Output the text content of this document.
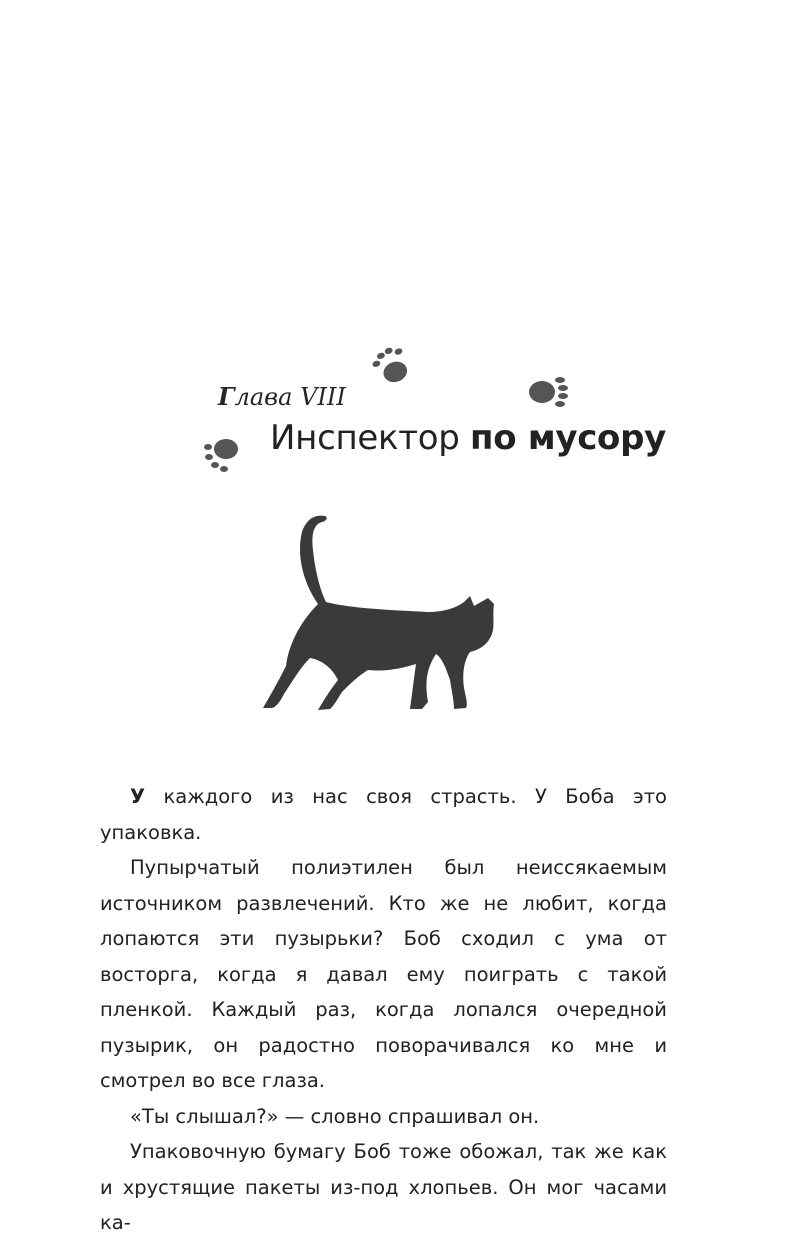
Глава VIII
Инспектор по мусору

У каждого из нас своя страсть. У Боба это упаковка.

Пупырчатый полиэтилен был неиссякаемым источником развлечений. Кто же не любит, когда лопаются эти пузырьки? Боб сходил с ума от восторга, когда я давал ему поиграть с такой пленкой. Каждый раз, когда лопался очередной пузырик, он радостно поворачивался ко мне и смотрел во все глаза.

«Ты слышал?» — словно спрашивал он.

Упаковочную бумагу Боб тоже обожал, так же как и хрустящие пакеты из-под хлопьев. Он мог часами ка-
